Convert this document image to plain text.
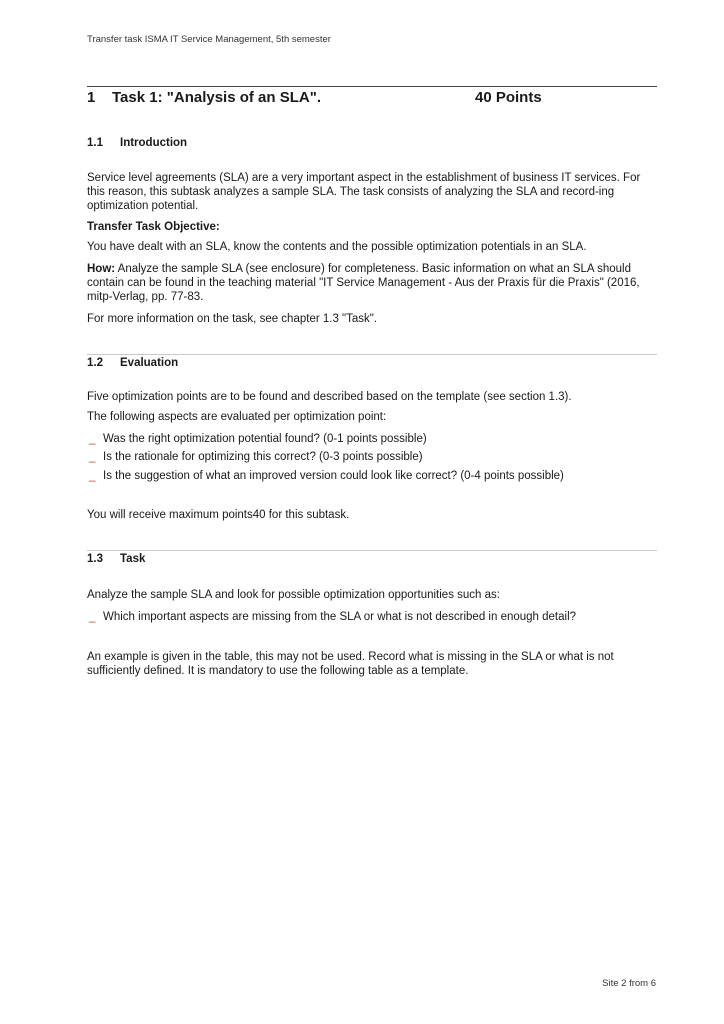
Transfer task ISMA IT Service Management, 5th semester
1 Task 1: "Analysis of an SLA".	40 Points
1.1 Introduction
Service level agreements (SLA) are a very important aspect in the establishment of business IT services. For this reason, this subtask analyzes a sample SLA. The task consists of analyzing the SLA and record-ing optimization potential.
Transfer Task Objective:
You have dealt with an SLA, know the contents and the possible optimization potentials in an SLA.
How: Analyze the sample SLA (see enclosure) for completeness. Basic information on what an SLA should contain can be found in the teaching material "IT Service Management - Aus der Praxis für die Praxis" (2016, mitp-Verlag, pp. 77-83.
For more information on the task, see chapter 1.3 "Task".
1.2 Evaluation
Five optimization points are to be found and described based on the template (see section 1.3).
The following aspects are evaluated per optimization point:
_ Was the right optimization potential found? (0-1 points possible)
_ Is the rationale for optimizing this correct? (0-3 points possible)
_ Is the suggestion of what an improved version could look like correct? (0-4 points possible)
You will receive maximum points40 for this subtask.
1.3 Task
Analyze the sample SLA and look for possible optimization opportunities such as:
_ Which important aspects are missing from the SLA or what is not described in enough detail?
An example is given in the table, this may not be used. Record what is missing in the SLA or what is not sufficiently defined. It is mandatory to use the following table as a template.
Site 2 from 6
